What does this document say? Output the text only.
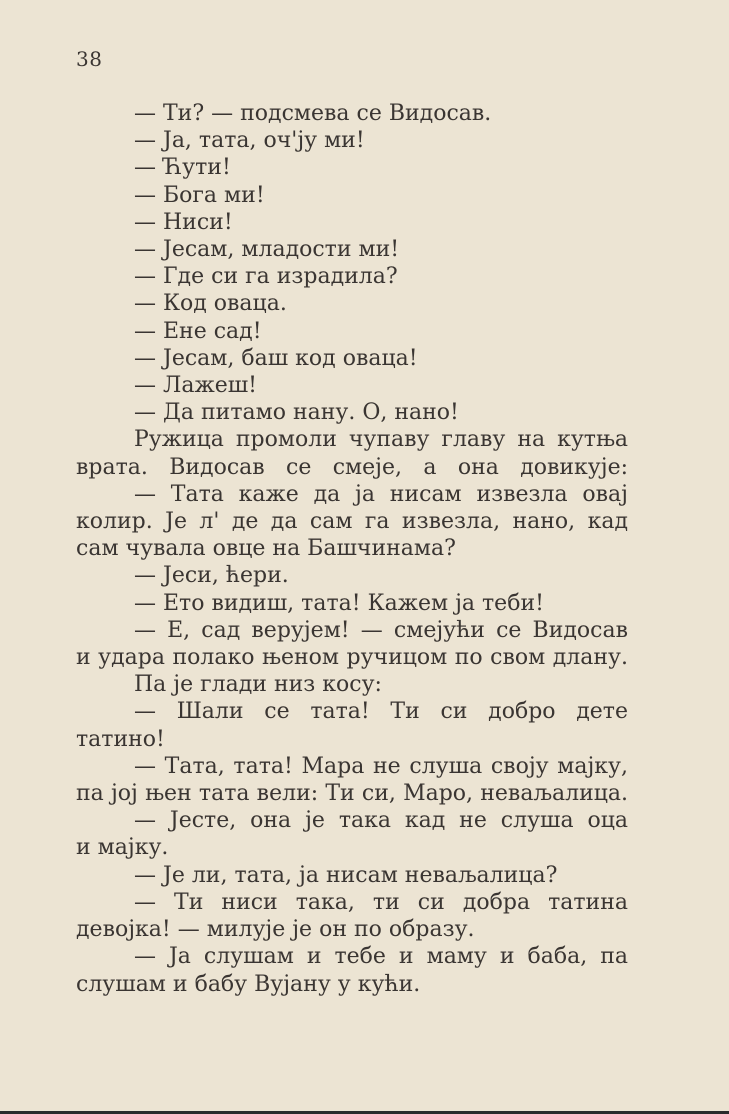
38
— Ти? — подсмева се Видосав.
— Ја, тата, оч'ју ми!
— Ћути!
— Бога ми!
— Ниси!
— Јесам, младости ми!
— Где си га израдила?
— Код оваца.
— Ене сад!
— Јесам, баш код оваца!
— Лажеш!
— Да питамо нану. О, нано!
Ружица промоли чупаву главу на кутња
врата. Видосав се смеје, а она довикује:
— Тата каже да ја нисам извезла овај
колир. Је л' де да сам га извезла, нано, кад
сам чувала овце на Башчинама?
— Јеси, ћери.
— Ето видиш, тата! Кажем ја теби!
— Е, сад верујем! — смејући се Видосав
и удара полако њеном ручицом по свом длану.
Па је глади низ косу:
— Шали се тата! Ти си добро дете
татино!
— Тата, тата! Мара не слуша своју мајку,
па јој њен тата вели: Ти си, Маро, неваљалица.
— Јесте, она је така кад не слуша оца
и мајку.
— Је ли, тата, ја нисам неваљалица?
— Ти ниси така, ти си добра татина
девојка! — милује је он по образу.
— Ја слушам и тебе и маму и баба, па
слушам и бабу Вујану у кући.
